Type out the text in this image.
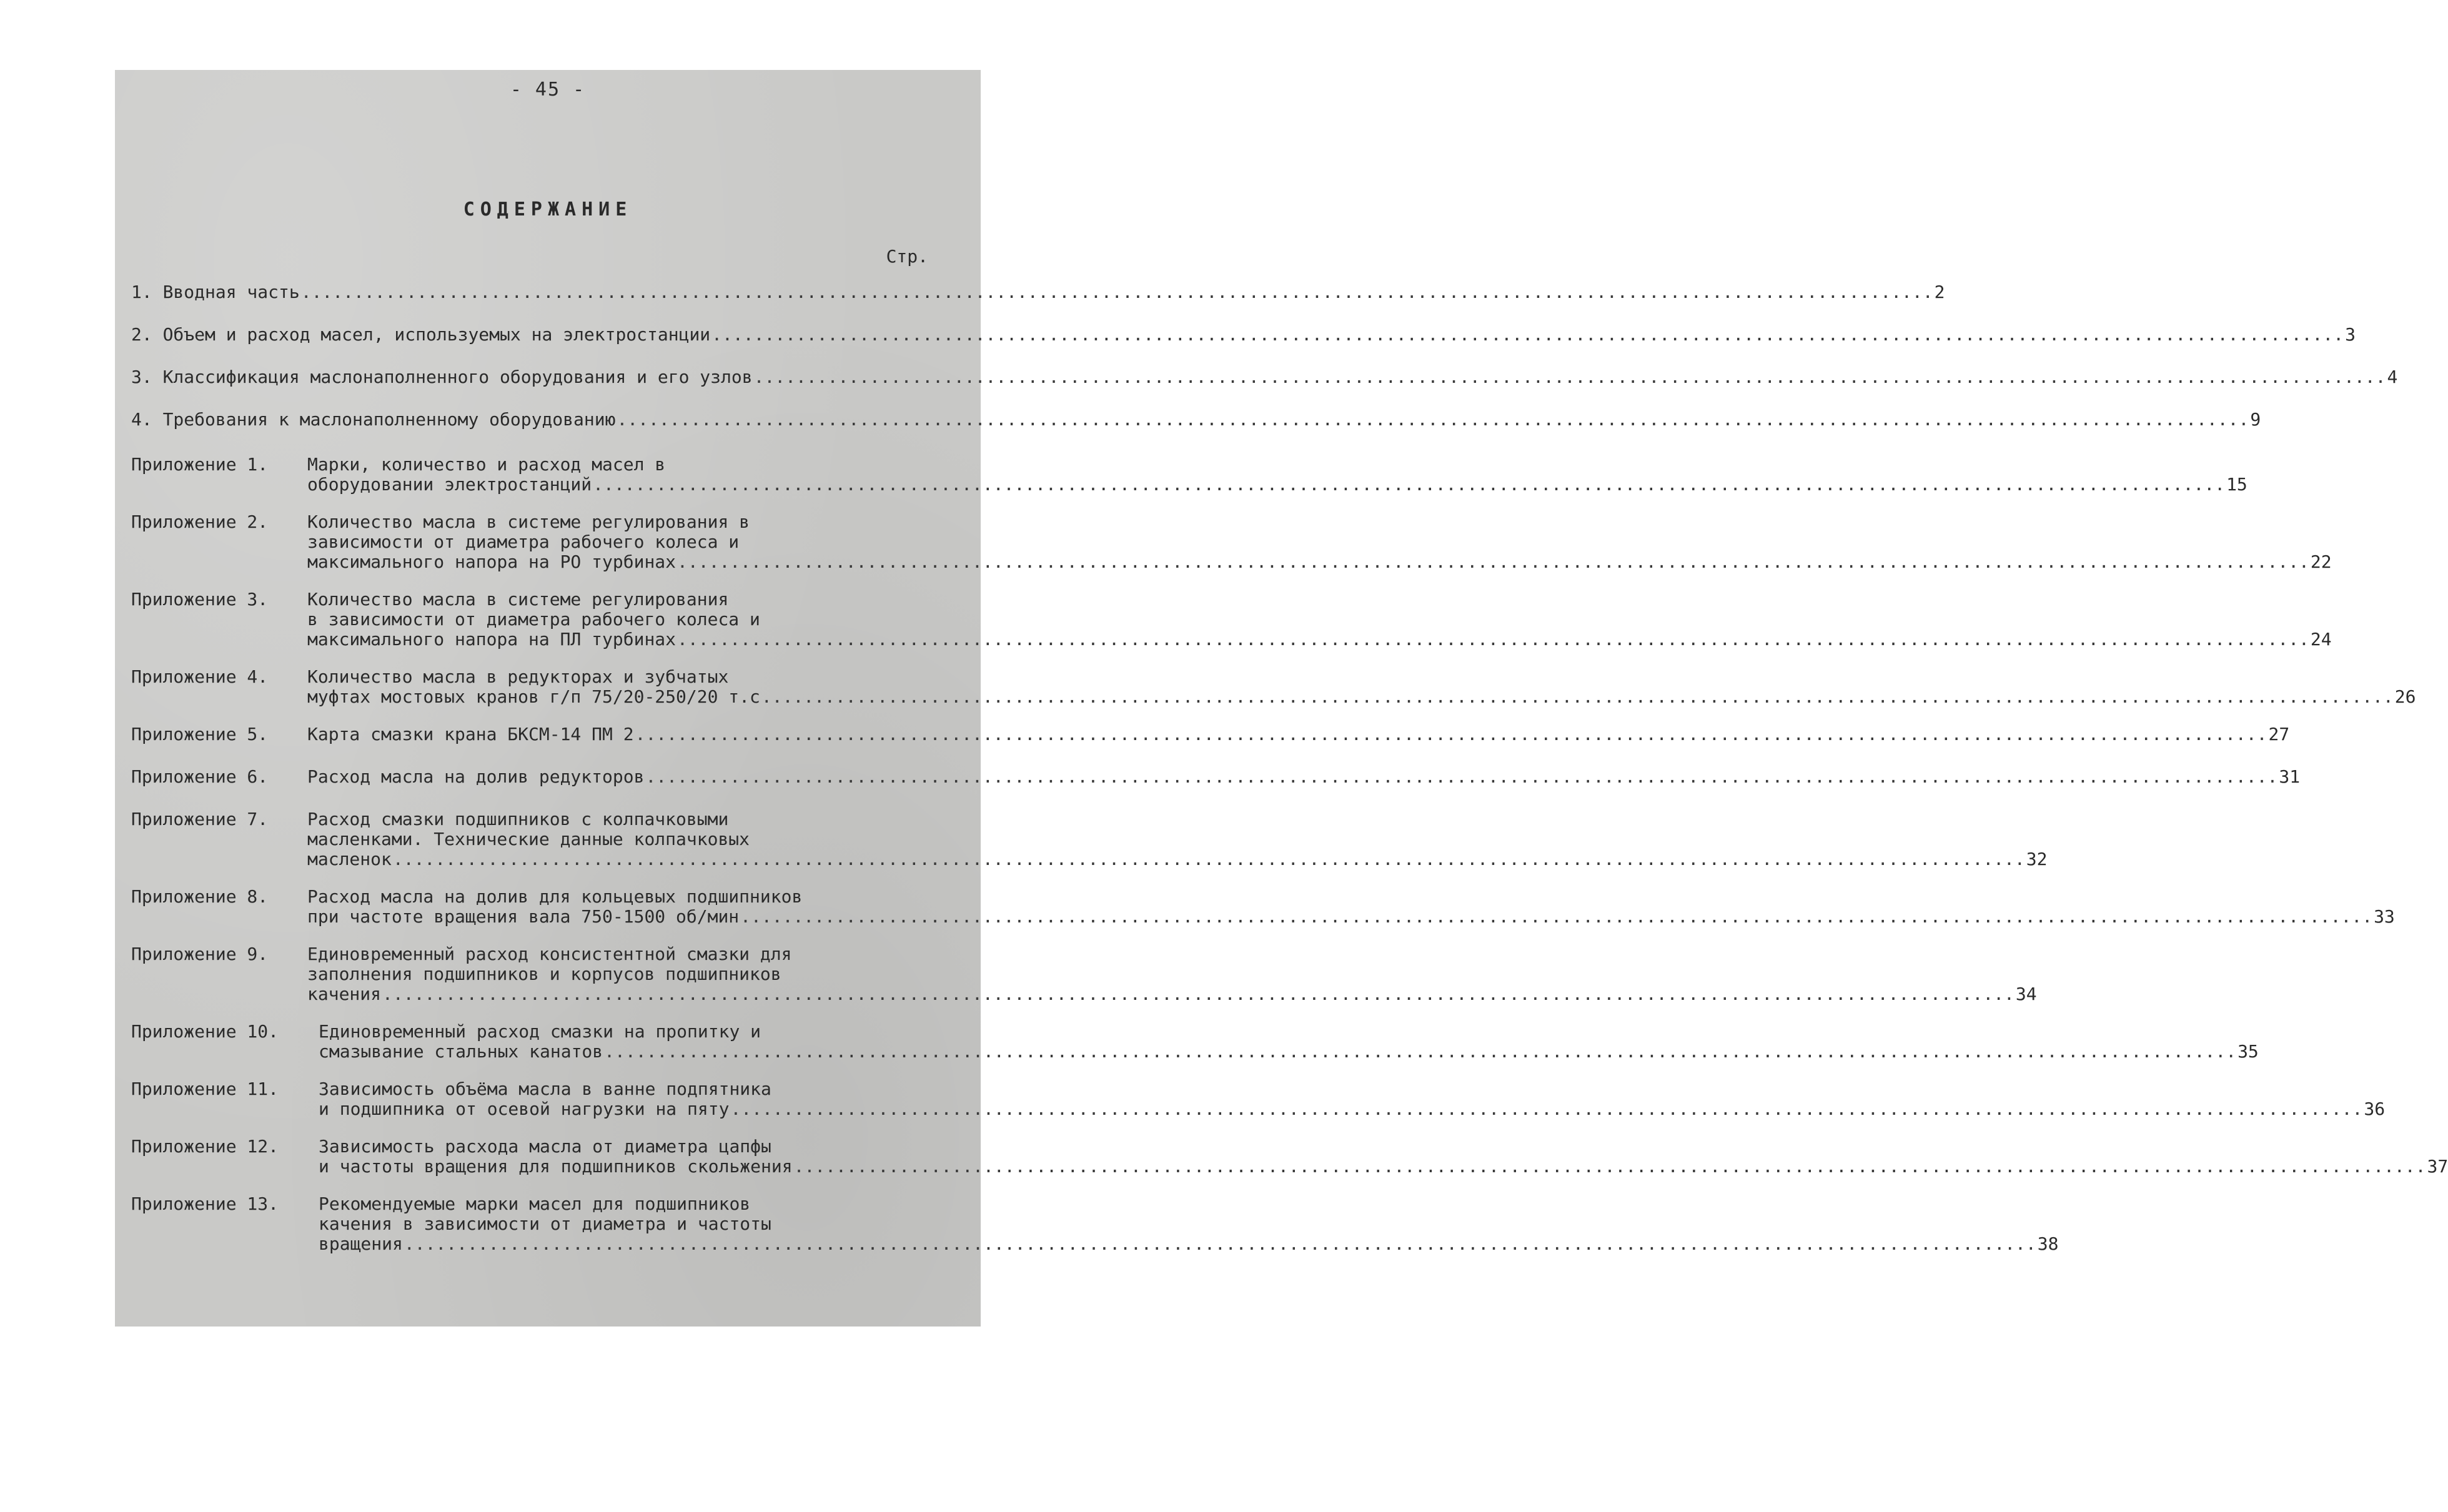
- 45 -
СОДЕРЖАНИЕ
Стр.
1. Вводная часть ........................................................................................................................................................... 2
2. Объем и расход масел, используемых на электростанции ........................................................................................................................................................... 3
3. Классификация маслонаполненного оборудования и его узлов ........................................................................................................................................................... 4
4. Требования к маслонаполненному оборудованию ........................................................................................................................................................... 9
Приложение 1.	Марки, количество и расход масел в
оборудовании электростанций ........................................................................................................................................................... 15
Приложение 2.	Количество масла в системе регулирования в
зависимости от диаметра рабочего колеса и
максимального напора на РО турбинах ........................................................................................................................................................... 22
Приложение 3.	Количество масла в системе регулирования
в зависимости от диаметра рабочего колеса и
максимального напора на ПЛ турбинах ........................................................................................................................................................... 24
Приложение 4.	Количество масла в редукторах и зубчатых
муфтах мостовых кранов г/п 75/20-250/20 т.с ........................................................................................................................................................... 26
Приложение 5.	Карта смазки крана БКСМ-14 ПМ 2 ........................................................................................................................................................... 27
Приложение 6.	Расход масла на долив редукторов ........................................................................................................................................................... 31
Приложение 7.	Расход смазки подшипников с колпачковыми
масленками. Технические данные колпачковых
масленок ........................................................................................................................................................... 32
Приложение 8.	Расход масла на долив для кольцевых подшипников
при частоте вращения вала 750-1500 об/мин ........................................................................................................................................................... 33
Приложение 9.	Единовременный расход консистентной смазки для
заполнения подшипников и корпусов подшипников
качения ........................................................................................................................................................... 34
Приложение 10.	Единовременный расход смазки на пропитку и
смазывание стальных канатов ........................................................................................................................................................... 35
Приложение 11.	Зависимость объёма масла в ванне подпятника
и подшипника от осевой нагрузки на пяту ........................................................................................................................................................... 36
Приложение 12.	Зависимость расхода масла от диаметра цапфы
и частоты вращения для подшипников скольжения ........................................................................................................................................................... 37
Приложение 13.	Рекомендуемые марки масел для подшипников
качения в зависимости от диаметра и частоты
вращения ........................................................................................................................................................... 38
